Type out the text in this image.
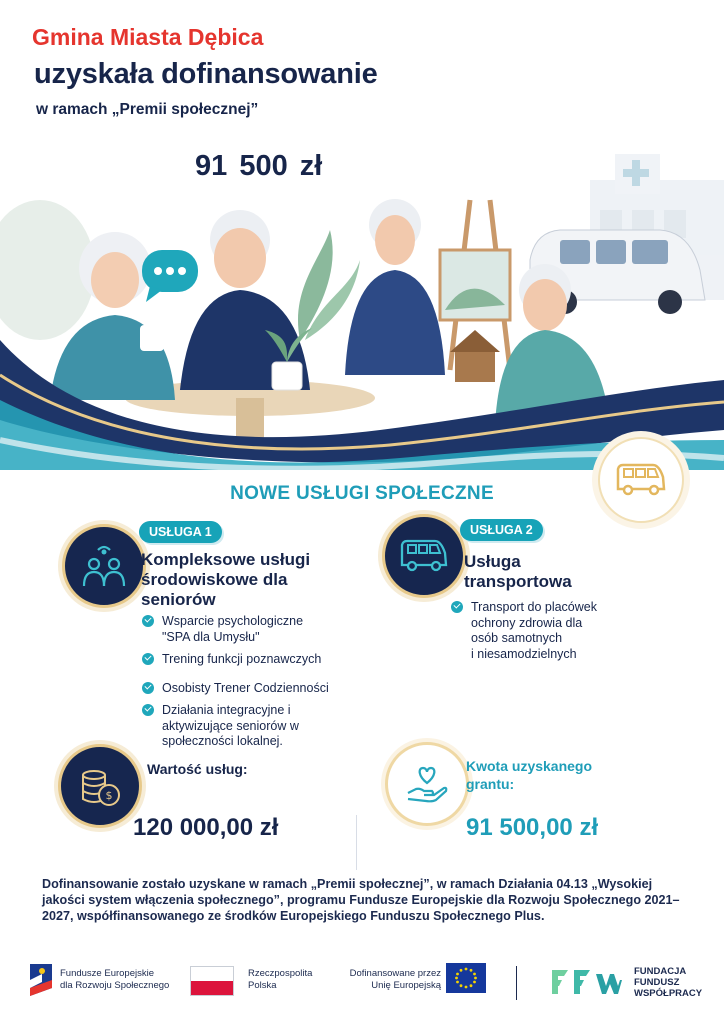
Gmina Miasta Dębica
uzyskała dofinansowanie
w ramach „Premii społecznej”
91 500 zł
NOWE USŁUGI SPOŁECZNE
USŁUGA 1
Kompleksowe usługi
środowiskowe dla
seniorów
Wsparcie psychologiczne
"SPA dla Umysłu"
Trening funkcji poznawczych
Osobisty Trener Codzienności
Działania integracyjne i
aktywizujące seniorów w
społeczności lokalnej.
USŁUGA 2
Usługa
transportowa
Transport do placówek
ochrony zdrowia dla
osób samotnych
i niesamodzielnych
$
Wartość usług:
120 000,00 zł
Kwota uzyskanego
grantu:
91 500,00 zł
Dofinansowanie zostało uzyskane w ramach „Premii społecznej”, w ramach Działania 04.13 „Wysokiej jakości system włączenia społecznego”, programu Fundusze Europejskie dla Rozwoju Społecznego 2021–2027, współfinansowanego ze środków Europejskiego Funduszu Społecznego Plus.
Fundusze Europejskie
dla Rozwoju Społecznego
Rzeczpospolita
Polska
Dofinansowane przez
Unię Europejską
FUNDACJA
FUNDUSZ
WSPÓŁPRACY
